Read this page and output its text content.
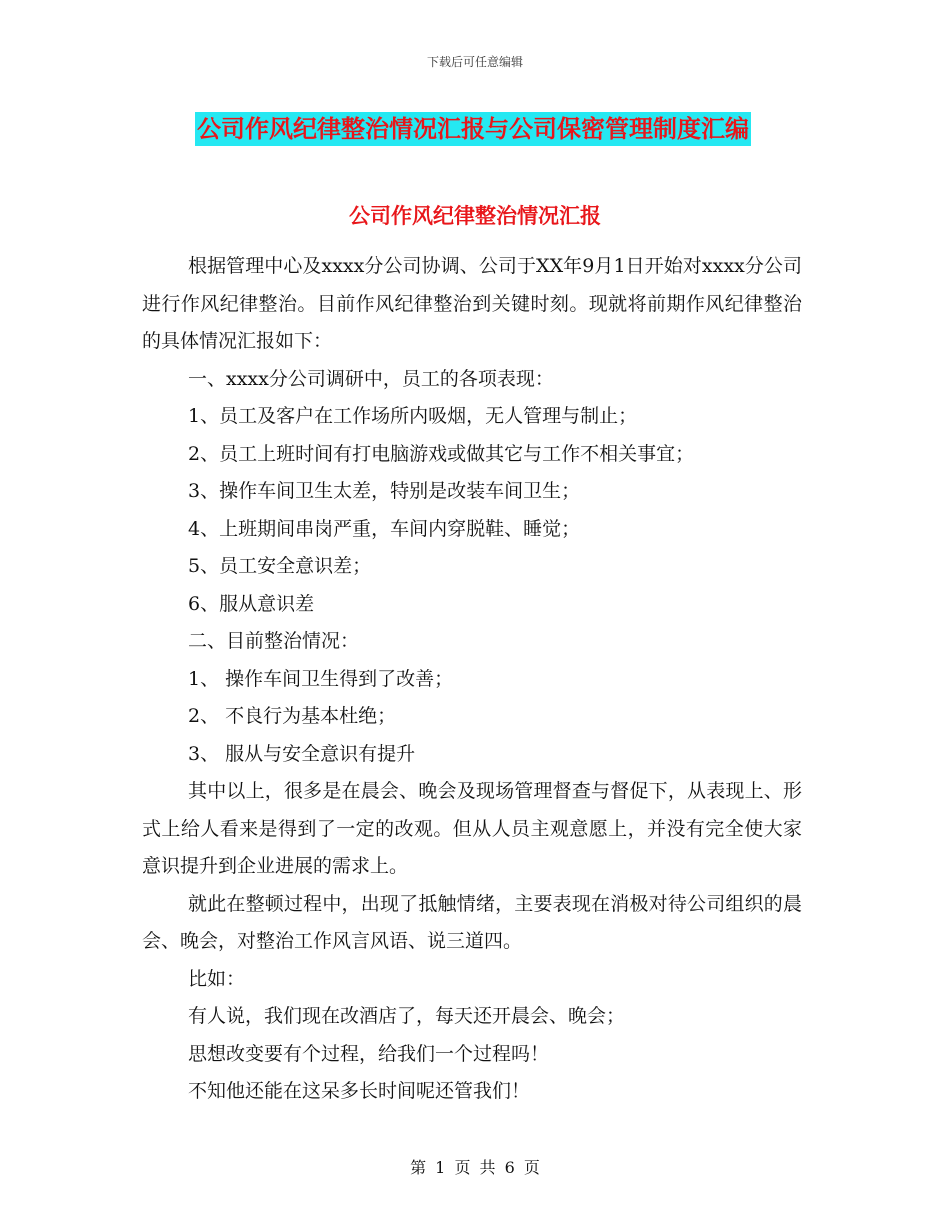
下载后可任意编辑
公司作风纪律整治情况汇报与公司保密管理制度汇编
公司作风纪律整治情况汇报

根据管理中心及xxxx分公司协调、公司于XX年9月1日开始对xxxx分公司进行作风纪律整治。目前作风纪律整治到关键时刻。现就将前期作风纪律整治的具体情况汇报如下：

一、xxxx分公司调研中，员工的各项表现：

1、员工及客户在工作场所内吸烟，无人管理与制止；

2、员工上班时间有打电脑游戏或做其它与工作不相关事宜；

3、操作车间卫生太差，特别是改装车间卫生；

4、上班期间串岗严重，车间内穿脱鞋、睡觉；

5、员工安全意识差；

6、服从意识差

二、目前整治情况：

1、 操作车间卫生得到了改善；

2、 不良行为基本杜绝；

3、 服从与安全意识有提升

其中以上，很多是在晨会、晚会及现场管理督查与督促下，从表现上、形式上给人看来是得到了一定的改观。但从人员主观意愿上，并没有完全使大家意识提升到企业进展的需求上。

就此在整顿过程中，出现了抵触情绪，主要表现在消极对待公司组织的晨会、晚会，对整治工作风言风语、说三道四。

比如：

有人说，我们现在改酒店了，每天还开晨会、晚会；

思想改变要有个过程，给我们一个过程吗！

不知他还能在这呆多长时间呢还管我们！

第 1 页 共 6 页
